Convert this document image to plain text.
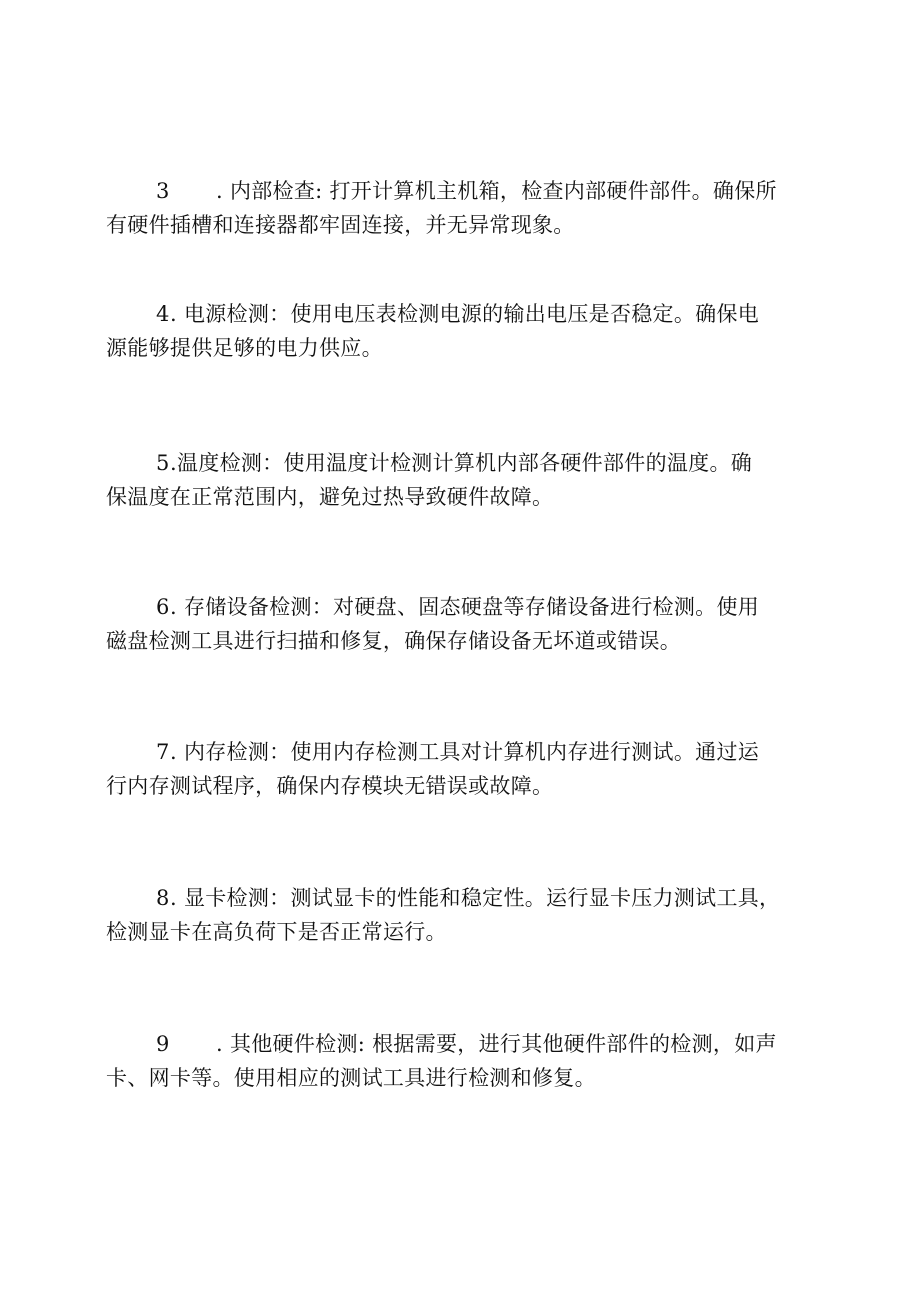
3 . 内部检查: 打开计算机主机箱，检查内部硬件部件。确保所
有硬件插槽和连接器都牢固连接，并无异常现象。
4. 电源检测：使用电压表检测电源的输出电压是否稳定。确保电
源能够提供足够的电力供应。
5.温度检测：使用温度计检测计算机内部各硬件部件的温度。确
保温度在正常范围内，避免过热导致硬件故障。
6. 存储设备检测：对硬盘、固态硬盘等存储设备进行检测。使用
磁盘检测工具进行扫描和修复，确保存储设备无坏道或错误。
7. 内存检测：使用内存检测工具对计算机内存进行测试。通过运
行内存测试程序，确保内存模块无错误或故障。
8. 显卡检测：测试显卡的性能和稳定性。运行显卡压力测试工具，
检测显卡在高负荷下是否正常运行。
9 . 其他硬件检测: 根据需要，进行其他硬件部件的检测，如声
卡、网卡等。使用相应的测试工具进行检测和修复。
